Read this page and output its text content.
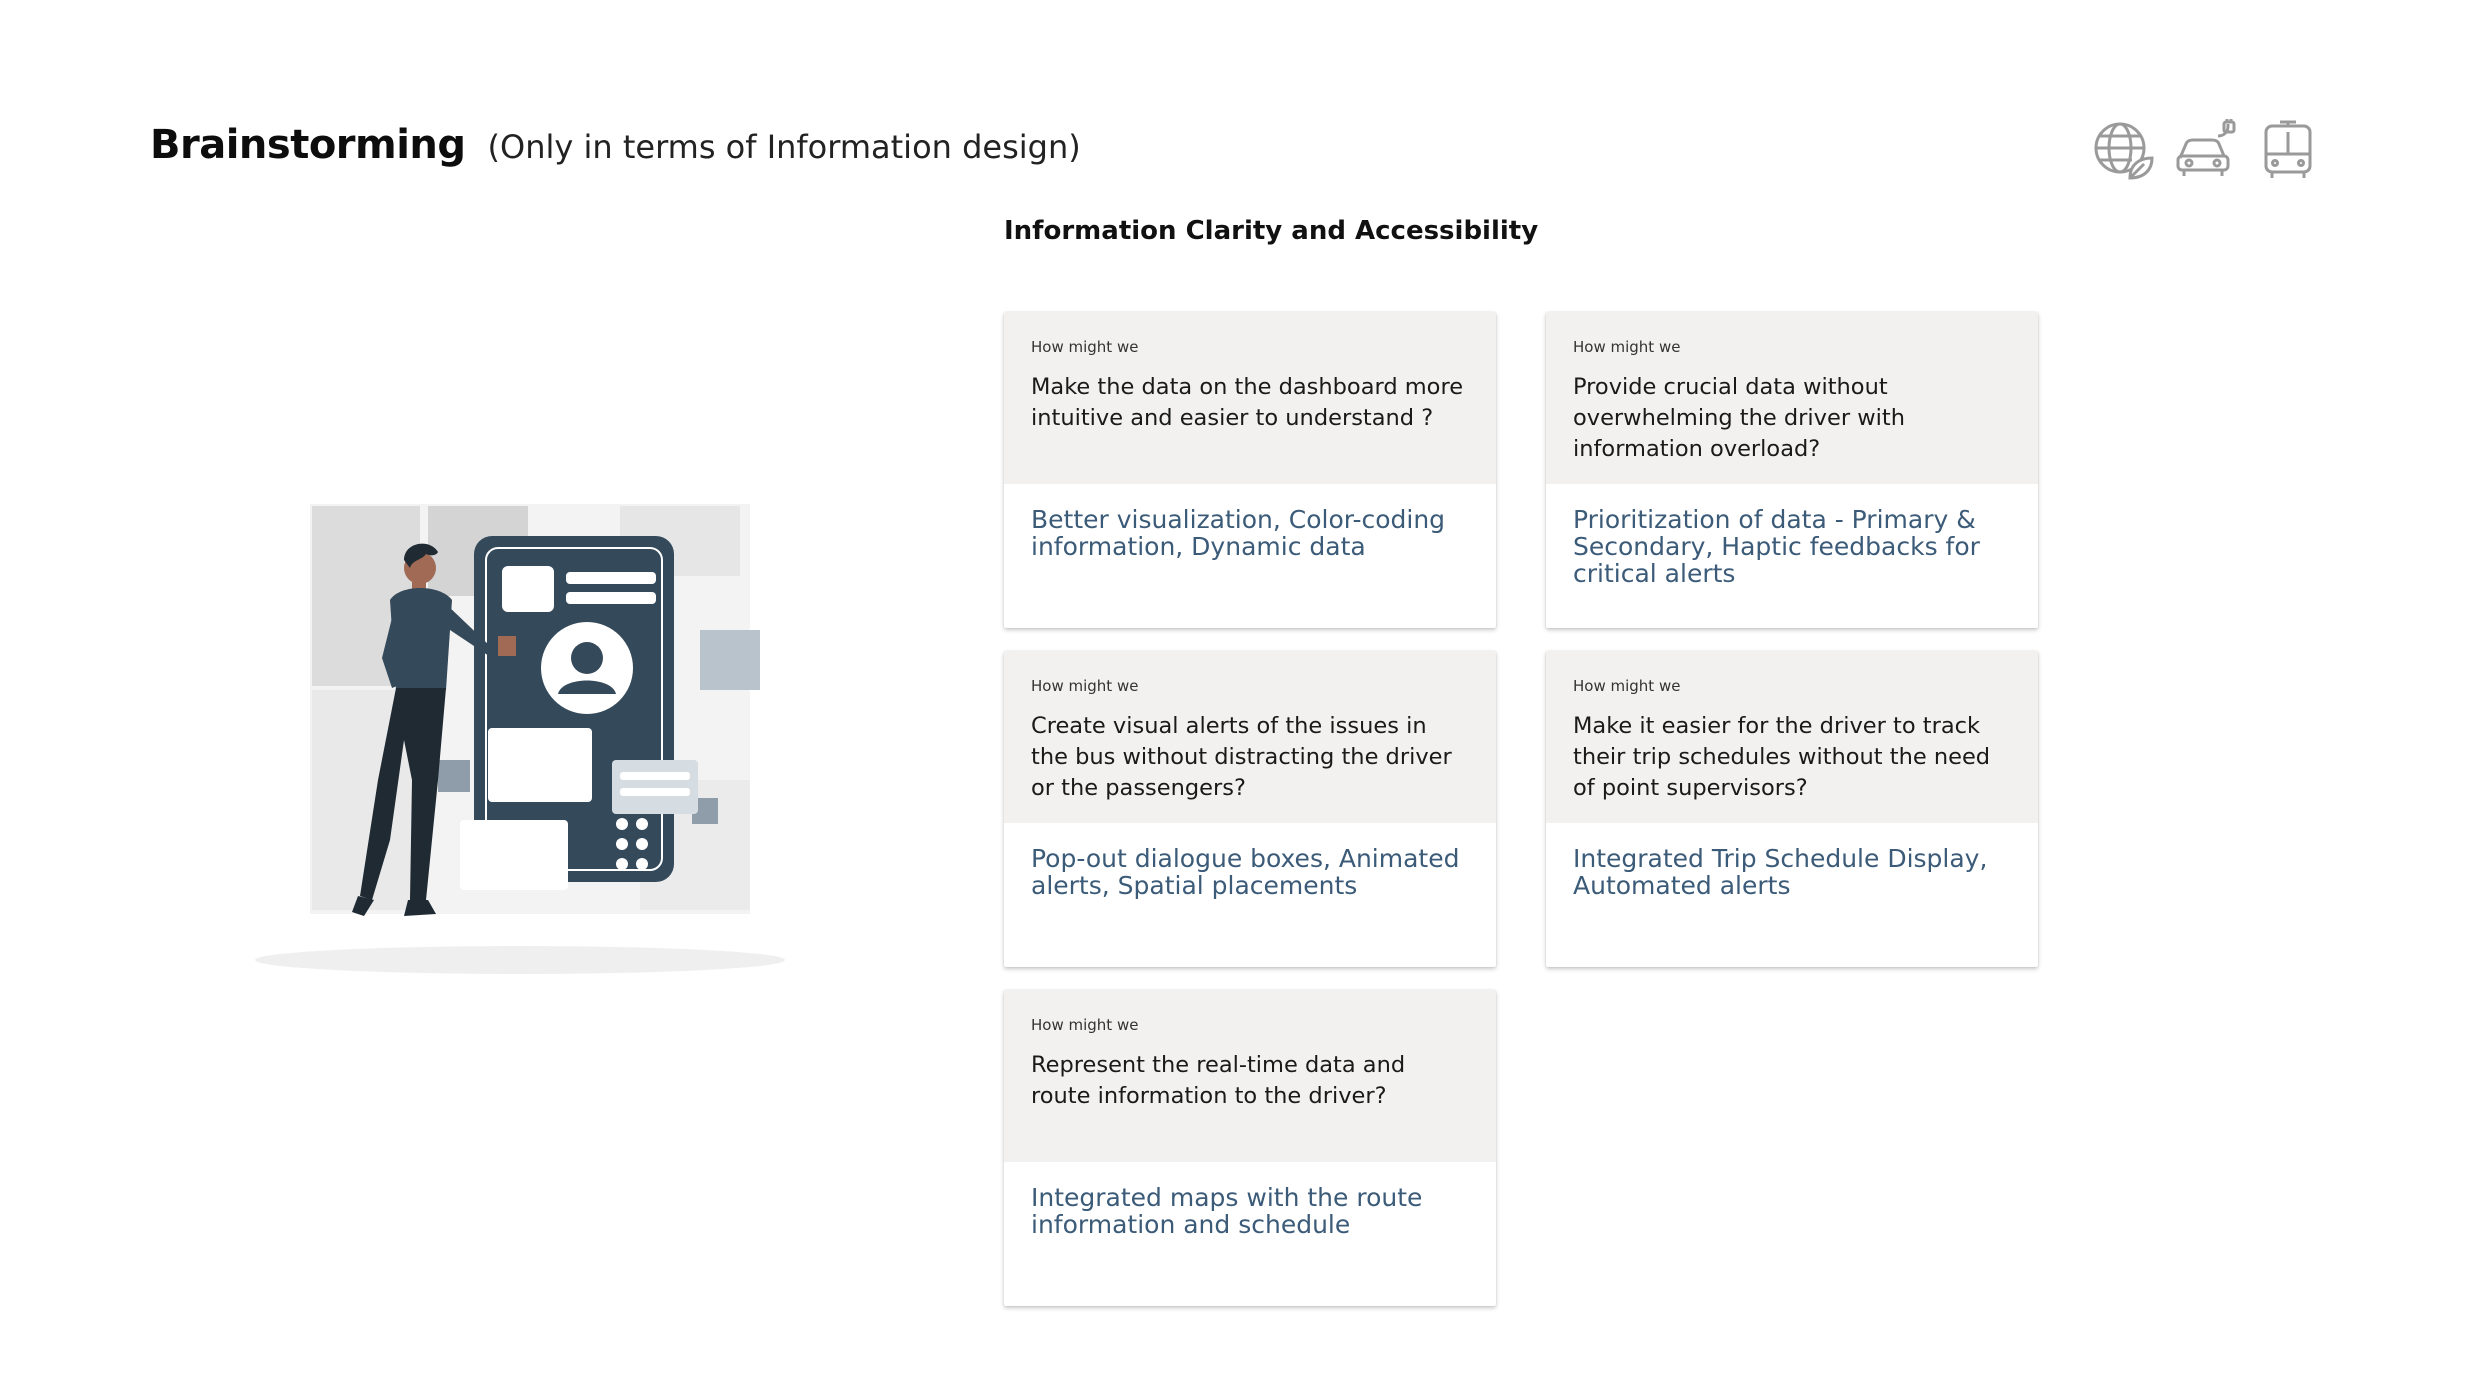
Brainstorming (Only in terms of Information design)
Information Clarity and Accessibility
How might we
Make the data on the dashboard more intuitive and easier to understand ?
Better visualization, Color-coding information, Dynamic data
How might we
Provide crucial data without overwhelming the driver with information overload?
Prioritization of data - Primary & Secondary, Haptic feedbacks for critical alerts
How might we
Create visual alerts of the issues in the bus without distracting the driver or the passengers?
Pop-out dialogue boxes, Animated alerts, Spatial placements
How might we
Make it easier for the driver to track their trip schedules without the need of point supervisors?
Integrated Trip Schedule Display, Automated alerts
How might we
Represent the real-time data and route information to the driver?
Integrated maps with the route information and schedule
